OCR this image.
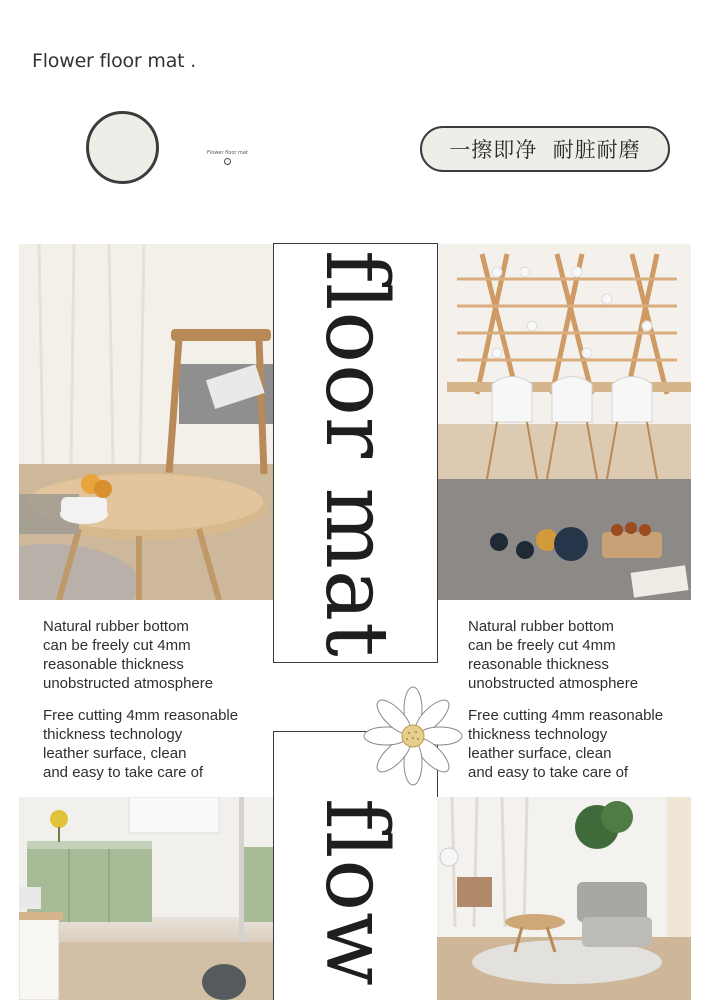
Flower floor mat .
Flower floor mat	一擦即净  耐脏耐磨
floor mat
Natural rubber bottom
can be freely cut 4mm
reasonable thickness
unobstructed atmosphere
Free cutting 4mm reasonable
thickness technology
leather surface, clean
and easy to take care of
Natural rubber bottom
can be freely cut 4mm
reasonable thickness
unobstructed atmosphere
Free cutting 4mm reasonable
thickness technology
leather surface, clean
and easy to take care of
flow
